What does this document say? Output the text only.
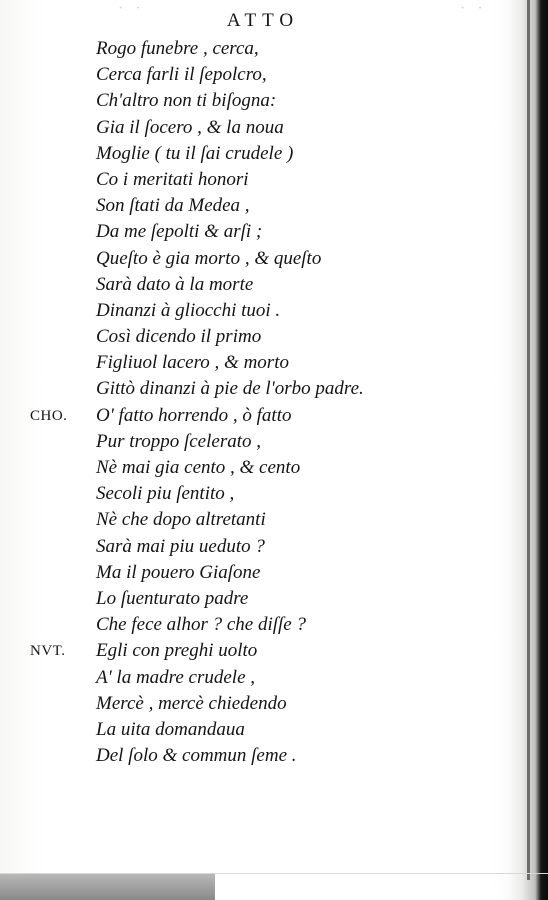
· ·	· ·
ATTO
Rogo funebre , cerca,
Cerca farli il ſepolcro,
Ch'altro non ti biſogna:
Gia il ſocero , & la noua
Moglie ( tu il ſai crudele )
Co i meritati honori
Son ſtati da Medea ,
Da me ſepolti & arſi ;
Queſto è gia morto , & queſto
Sarà dato à la morte
Dinanzi à gliocchi tuoi .
Così dicendo il primo
Figliuol lacero , & morto
Gittò dinanzi à pie de l'orbo padre.
CHO. O' fatto horrendo , ò fatto
Pur troppo ſcelerato ,
Nè mai gia cento , & cento
Secoli piu ſentito ,
Nè che dopo altretanti
Sarà mai piu ueduto ?
Ma il pouero Giaſone
Lo ſuenturato padre
Che fece alhor ? che diſſe ?
NVT. Egli con preghi uolto
A' la madre crudele ,
Mercè , mercè chiedendo
La uita domandaua
Del ſolo & commun ſeme .
